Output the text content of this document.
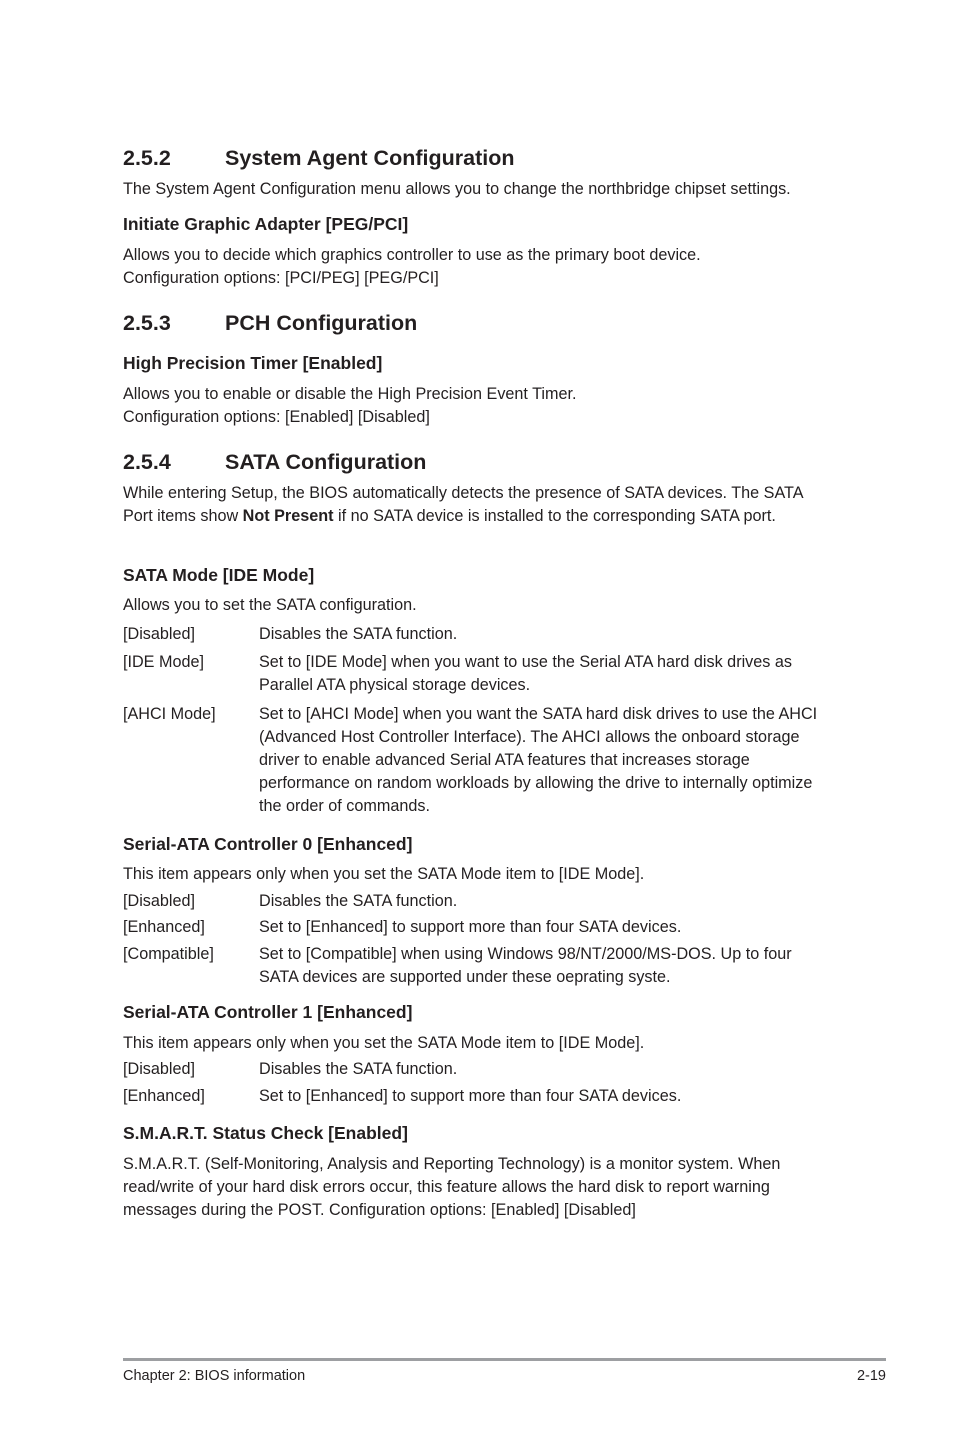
2.5.2	System Agent Configuration
The System Agent Configuration menu allows you to change the northbridge chipset settings.
Initiate Graphic Adapter [PEG/PCI]
Allows you to decide which graphics controller to use as the primary boot device.
Configuration options: [PCI/PEG] [PEG/PCI]
2.5.3	PCH Configuration
High Precision Timer [Enabled]
Allows you to enable or disable the High Precision Event Timer.
Configuration options: [Enabled] [Disabled]
2.5.4	SATA Configuration
While entering Setup, the BIOS automatically detects the presence of SATA devices. The SATA Port items show Not Present if no SATA device is installed to the corresponding SATA port.
SATA Mode [IDE Mode]
Allows you to set the SATA configuration.
[Disabled]	Disables the SATA function.
[IDE Mode]	Set to [IDE Mode] when you want to use the Serial ATA hard disk drives as Parallel ATA physical storage devices.
[AHCI Mode]	Set to [AHCI Mode] when you want the SATA hard disk drives to use the AHCI (Advanced Host Controller Interface). The AHCI allows the onboard storage driver to enable advanced Serial ATA features that increases storage performance on random workloads by allowing the drive to internally optimize the order of commands.
Serial-ATA Controller 0 [Enhanced]
This item appears only when you set the SATA Mode item to [IDE Mode].
[Disabled]	Disables the SATA function.
[Enhanced]	Set to [Enhanced] to support more than four SATA devices.
[Compatible]	Set to [Compatible] when using Windows 98/NT/2000/MS-DOS. Up to four SATA devices are supported under these oeprating syste.
Serial-ATA Controller 1 [Enhanced]
This item appears only when you set the SATA Mode item to [IDE Mode].
[Disabled]	Disables the SATA function.
[Enhanced]	Set to [Enhanced] to support more than four SATA devices.
S.M.A.R.T. Status Check [Enabled]
S.M.A.R.T. (Self-Monitoring, Analysis and Reporting Technology) is a monitor system. When read/write of your hard disk errors occur, this feature allows the hard disk to report warning messages during the POST. Configuration options: [Enabled] [Disabled]
Chapter 2: BIOS information	2-19
